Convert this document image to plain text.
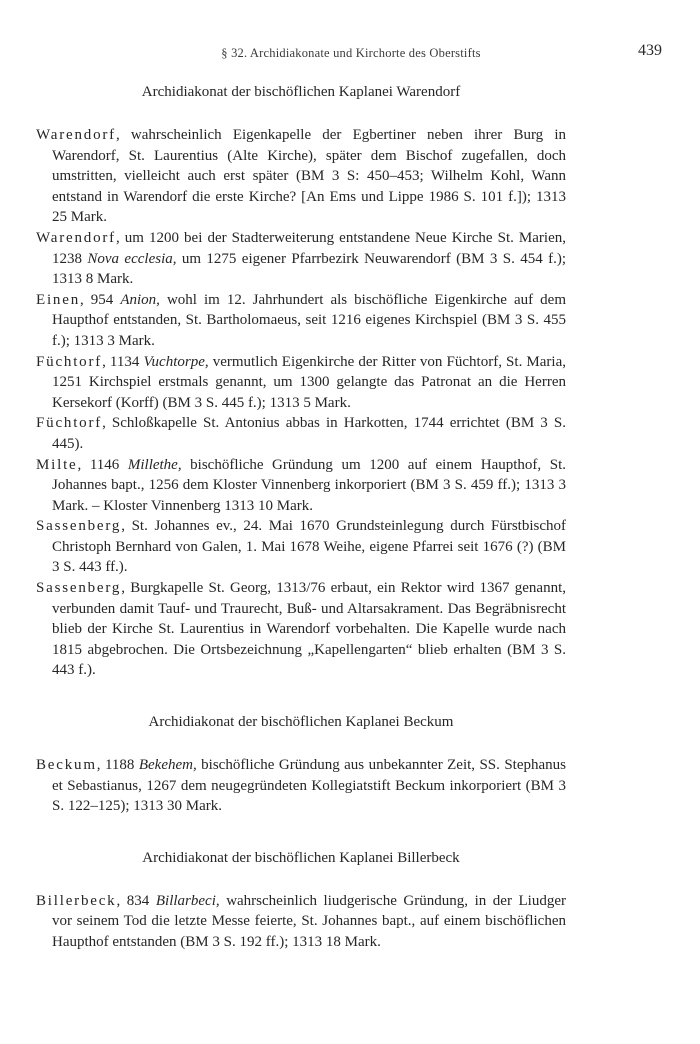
§ 32. Archidiakonate und Kirchorte des Oberstifts	439
Archidiakonat der bischöflichen Kaplanei Warendorf

Warendorf, wahrscheinlich Eigenkapelle der Egbertiner neben ihrer Burg in Warendorf, St. Laurentius (Alte Kirche), später dem Bischof zugefallen, doch umstritten, vielleicht auch erst später (BM 3 S: 450–453; Wilhelm Kohl, Wann entstand in Warendorf die erste Kirche? [An Ems und Lippe 1986 S. 101 f.]); 1313 25 Mark.

Warendorf, um 1200 bei der Stadterweiterung entstandene Neue Kirche St. Marien, 1238 Nova ecclesia, um 1275 eigener Pfarrbezirk Neuwarendorf (BM 3 S. 454 f.); 1313 8 Mark.

Einen, 954 Anion, wohl im 12. Jahrhundert als bischöfliche Eigenkirche auf dem Haupthof entstanden, St. Bartholomaeus, seit 1216 eigenes Kirchspiel (BM 3 S. 455 f.); 1313 3 Mark.

Füchtorf, 1134 Vuchtorpe, vermutlich Eigenkirche der Ritter von Füchtorf, St. Maria, 1251 Kirchspiel erstmals genannt, um 1300 gelangte das Patronat an die Herren Kersekorf (Korff) (BM 3 S. 445 f.); 1313 5 Mark.

Füchtorf, Schloßkapelle St. Antonius abbas in Harkotten, 1744 errichtet (BM 3 S. 445).

Milte, 1146 Millethe, bischöfliche Gründung um 1200 auf einem Haupthof, St. Johannes bapt., 1256 dem Kloster Vinnenberg inkorporiert (BM 3 S. 459 ff.); 1313 3 Mark. – Kloster Vinnenberg 1313 10 Mark.

Sassenberg, St. Johannes ev., 24. Mai 1670 Grundsteinlegung durch Fürstbischof Christoph Bernhard von Galen, 1. Mai 1678 Weihe, eigene Pfarrei seit 1676 (?) (BM 3 S. 443 ff.).

Sassenberg, Burgkapelle St. Georg, 1313/76 erbaut, ein Rektor wird 1367 genannt, verbunden damit Tauf- und Traurecht, Buß- und Altarsakrament. Das Begräbnisrecht blieb der Kirche St. Laurentius in Warendorf vorbehalten. Die Kapelle wurde nach 1815 abgebrochen. Die Ortsbezeichnung „Kapellengarten“ blieb erhalten (BM 3 S. 443 f.).

Archidiakonat der bischöflichen Kaplanei Beckum

Beckum, 1188 Bekehem, bischöfliche Gründung aus unbekannter Zeit, SS. Stephanus et Sebastianus, 1267 dem neugegründeten Kollegiatstift Beckum inkorporiert (BM 3 S. 122–125); 1313 30 Mark.

Archidiakonat der bischöflichen Kaplanei Billerbeck

Billerbeck, 834 Billarbeci, wahrscheinlich liudgerische Gründung, in der Liudger vor seinem Tod die letzte Messe feierte, St. Johannes bapt., auf einem bischöflichen Haupthof entstanden (BM 3 S. 192 ff.); 1313 18 Mark.
